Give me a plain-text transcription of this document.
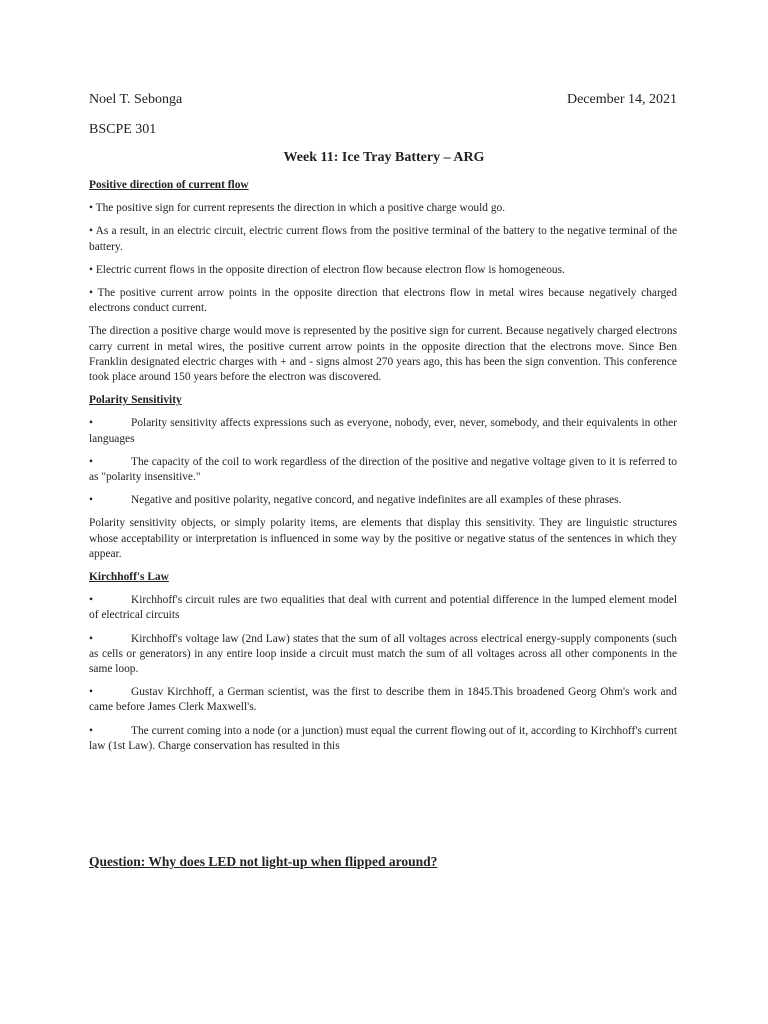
Noel T. Sebonga	December 14, 2021
BSCPE 301
Week 11: Ice Tray Battery – ARG
Positive direction of current flow
• The positive sign for current represents the direction in which a positive charge would go.
• As a result, in an electric circuit, electric current flows from the positive terminal of the battery to the negative terminal of the battery.
• Electric current flows in the opposite direction of electron flow because electron flow is homogeneous.
• The positive current arrow points in the opposite direction that electrons flow in metal wires because negatively charged electrons conduct current.
The direction a positive charge would move is represented by the positive sign for current. Because negatively charged electrons carry current in metal wires, the positive current arrow points in the opposite direction that the electrons move. Since Ben Franklin designated electric charges with + and - signs almost 270 years ago, this has been the sign convention. This conference took place around 150 years before the electron was discovered.
Polarity Sensitivity
•	Polarity sensitivity affects expressions such as everyone, nobody, ever, never, somebody, and their equivalents in other languages
•	The capacity of the coil to work regardless of the direction of the positive and negative voltage given to it is referred to as "polarity insensitive."
•	Negative and positive polarity, negative concord, and negative indefinites are all examples of these phrases.
Polarity sensitivity objects, or simply polarity items, are elements that display this sensitivity. They are linguistic structures whose acceptability or interpretation is influenced in some way by the positive or negative status of the sentences in which they appear.
Kirchhoff's Law
•	Kirchhoff's circuit rules are two equalities that deal with current and potential difference in the lumped element model of electrical circuits
•	Kirchhoff's voltage law (2nd Law) states that the sum of all voltages across electrical energy-supply components (such as cells or generators) in any entire loop inside a circuit must match the sum of all voltages across all other components in the same loop.
•	Gustav Kirchhoff, a German scientist, was the first to describe them in 1845.This broadened Georg Ohm's work and came before James Clerk Maxwell's.
•	The current coming into a node (or a junction) must equal the current flowing out of it, according to Kirchhoff's current law (1st Law). Charge conservation has resulted in this
Question: Why does LED not light-up when flipped around?
